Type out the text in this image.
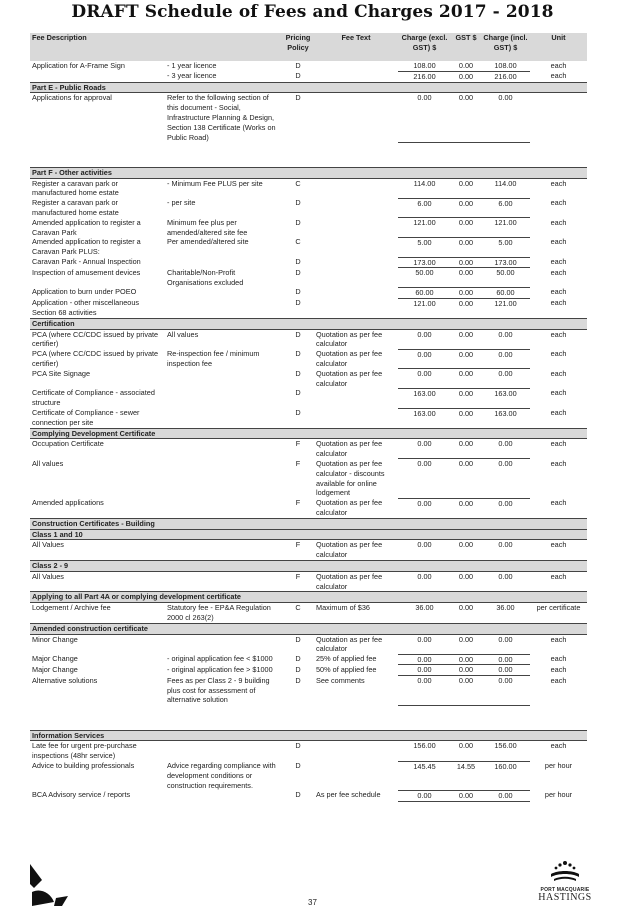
DRAFT Schedule of Fees and Charges 2017 - 2018
Fee Description		Pricing Policy	Fee Text	Charge (excl. GST) $	GST $	Charge (incl. GST) $	Unit
Application for A-Frame Sign	- 1 year licence	D		108.00	0.00	108.00	each
	- 3 year licence	D		216.00	0.00	216.00	each
Part E - Public Roads							
Applications for approval	Refer to the following section of this document - Social, Infrastructure Planning & Design, Section 138 Certificate (Works on Public Road)	D		0.00	0.00	0.00	

Part F - Other activities							
Register a caravan park or manufactured home estate	- Minimum Fee PLUS per site	C		114.00	0.00	114.00	each
Register a caravan park or manufactured home estate	- per site	D		6.00	0.00	6.00	each
Amended application to register a Caravan Park	Minimum fee plus per amended/altered site fee	D		121.00	0.00	121.00	each
Amended application to register a Caravan Park PLUS:	Per amended/altered site	C		5.00	0.00	5.00	each
Caravan Park - Annual Inspection		D		173.00	0.00	173.00	each
Inspection of amusement devices	Charitable/Non-Profit Organisations excluded	D		50.00	0.00	50.00	each
Application to burn under POEO		D		60.00	0.00	60.00	each
Application - other miscellaneous Section 68 activities		D		121.00	0.00	121.00	each
Certification							
PCA (where CC/CDC issued by private certifier)	All values	D	Quotation as per fee calculator	0.00	0.00	0.00	each
PCA (where CC/CDC issued by private certifier)	Re-inspection fee / minimum inspection fee	D	Quotation as per fee calculator	0.00	0.00	0.00	each
PCA Site Signage		D	Quotation as per fee calculator	0.00	0.00	0.00	each
Certificate of Compliance - associated structure		D		163.00	0.00	163.00	each
Certificate of Compliance - sewer connection per site		D		163.00	0.00	163.00	each
Complying Development Certificate							
Occupation Certificate		F	Quotation as per fee calculator	0.00	0.00	0.00	each
All values		F	Quotation as per fee calculator - discounts available for online lodgement	0.00	0.00	0.00	each
Amended applications		F	Quotation as per fee calculator	0.00	0.00	0.00	each
Construction Certificates - Building							
Class 1 and 10							
All Values		F	Quotation as per fee calculator	0.00	0.00	0.00	each
Class 2 - 9							
All Values		F	Quotation as per fee calculator	0.00	0.00	0.00	each
Applying to all Part 4A or complying development certificate							
Lodgement / Archive fee	Statutory fee - EP&A Regulation 2000 cl 263(2)	C	Maximum of $36	36.00	0.00	36.00	per certificate
Amended construction certificate							
Minor Change		D	Quotation as per fee calculator	0.00	0.00	0.00	each
Major Change	- original application fee < $1000	D	25% of applied fee	0.00	0.00	0.00	each
Major Change	- original application fee > $1000	D	50% of applied fee	0.00	0.00	0.00	each
Alternative solutions	Fees as per Class 2 - 9 building plus cost for assessment of alternative solution	D	See comments	0.00	0.00	0.00	each

Information Services							
Late fee for urgent pre-purchase inspections (48hr service)		D		156.00	0.00	156.00	each
Advice to building professionals	Advice regarding compliance with development conditions or construction requirements.	D		145.45	14.55	160.00	per hour
BCA Advisory service / reports		D	As per fee schedule	0.00	0.00	0.00	per hour
37
PORT MACQUARIE
HASTINGS
